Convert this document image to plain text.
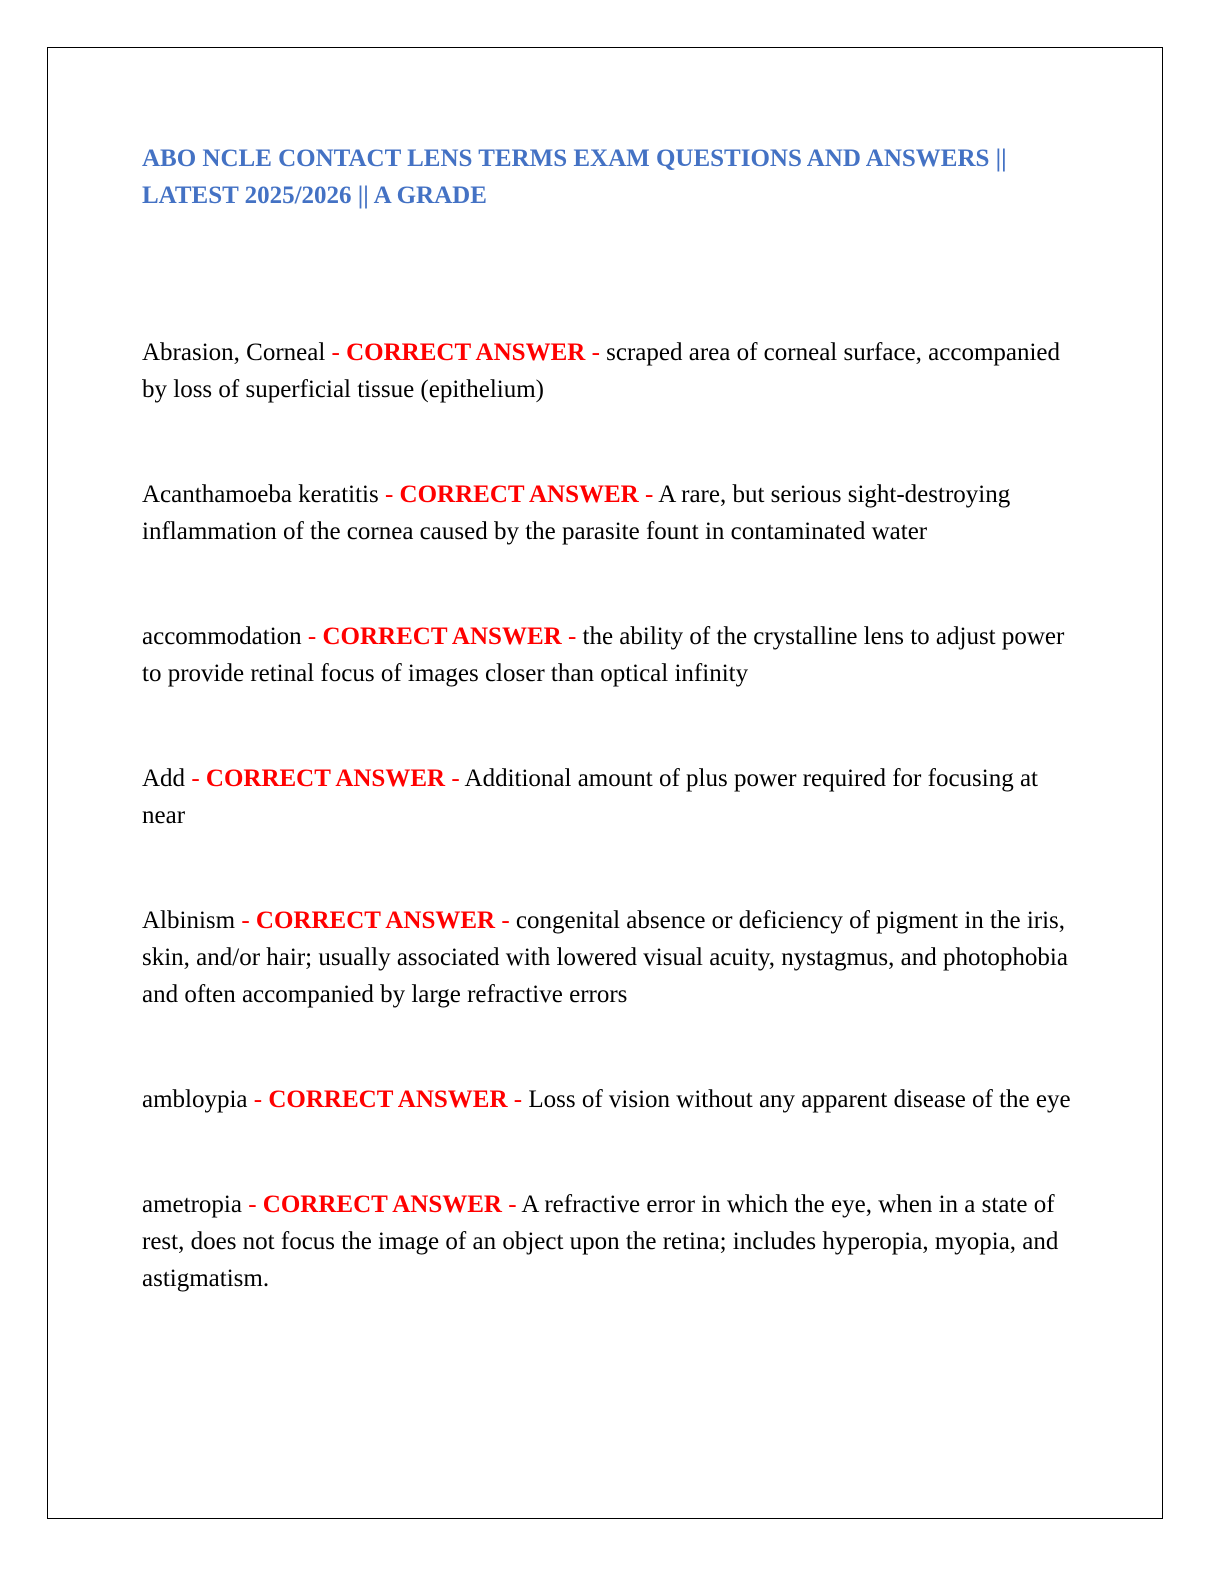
ABO NCLE CONTACT LENS TERMS EXAM QUESTIONS AND ANSWERS || LATEST 2025/2026 || A GRADE

Abrasion, Corneal - CORRECT ANSWER - scraped area of corneal surface, accompanied by loss of superficial tissue (epithelium)

Acanthamoeba keratitis - CORRECT ANSWER - A rare, but serious sight-destroying inflammation of the cornea caused by the parasite fount in contaminated water

accommodation - CORRECT ANSWER - the ability of the crystalline lens to adjust power to provide retinal focus of images closer than optical infinity

Add - CORRECT ANSWER - Additional amount of plus power required for focusing at near

Albinism - CORRECT ANSWER - congenital absence or deficiency of pigment in the iris, skin, and/or hair; usually associated with lowered visual acuity, nystagmus, and photophobia and often accompanied by large refractive errors

ambloypia - CORRECT ANSWER - Loss of vision without any apparent disease of the eye

ametropia - CORRECT ANSWER - A refractive error in which the eye, when in a state of rest, does not focus the image of an object upon the retina; includes hyperopia, myopia, and astigmatism.
